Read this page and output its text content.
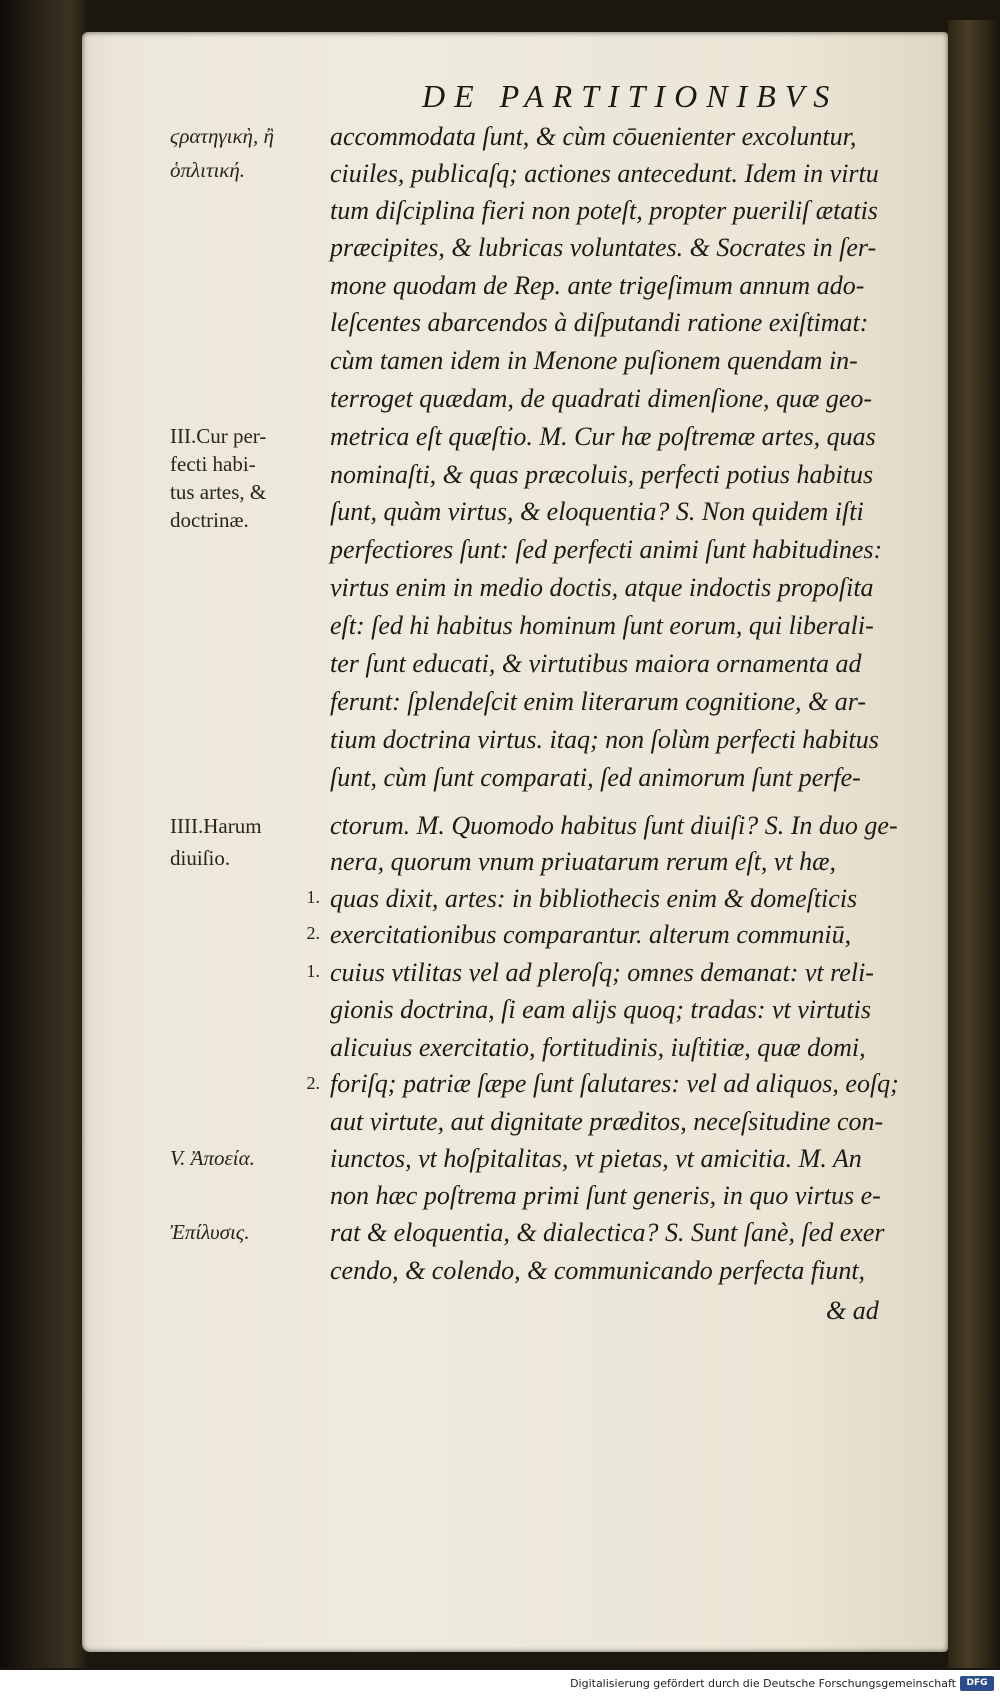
DE PARTITIONIBVS
ϛρατηγικὴ, ἢ
ὁπλιτική.
III.Cur per-
fecti habi-
tus artes, &
doctrinæ.
IIII.Harum
diuiſio.
1.
2.
1.
2.
V. Ἀποεία.
Ἐπίλυσις.
accommodata ſunt, & cùm cōuenienter excoluntur,
ciuiles, publicaſq; actiones antecedunt. Idem in virtu
tum diſciplina fieri non poteſt, propter pueriliſ ætatis
præcipites, & lubricas voluntates. & Socrates in ſer-
mone quodam de Rep. ante trigeſimum annum ado-
leſcentes abarcendos à diſputandi ratione exiſtimat:
cùm tamen idem in Menone puſionem quendam in-
terroget quædam, de quadrati dimenſione, quæ geo-
metrica eſt quæſtio. M. Cur hæ poſtremæ artes, quas
nominaſti, & quas præcoluis, perfecti potius habitus
ſunt, quàm virtus, & eloquentia? S. Non quidem iſti
perfectiores ſunt: ſed perfecti animi ſunt habitudines:
virtus enim in medio doctis, atque indoctis propoſita
eſt: ſed hi habitus hominum ſunt eorum, qui liberali-
ter ſunt educati, & virtutibus maiora ornamenta ad
ferunt: ſplendeſcit enim literarum cognitione, & ar-
tium doctrina virtus. itaq; non ſolùm perfecti habitus
ſunt, cùm ſunt comparati, ſed animorum ſunt perfe-
ctorum. M. Quomodo habitus ſunt diuiſi? S. In duo ge-
nera, quorum vnum priuatarum rerum eſt, vt hæ,
quas dixit, artes: in bibliothecis enim & domeſticis
exercitationibus comparantur. alterum communiū,
cuius vtilitas vel ad pleroſq; omnes demanat: vt reli-
gionis doctrina, ſi eam alijs quoq; tradas: vt virtutis
alicuius exercitatio, fortitudinis, iuſtitiæ, quæ domi,
foriſq; patriæ ſæpe ſunt ſalutares: vel ad aliquos, eoſq;
aut virtute, aut dignitate præditos, neceſsitudine con-
iunctos, vt hoſpitalitas, vt pietas, vt amicitia. M. An
non hæc poſtrema primi ſunt generis, in quo virtus e-
rat & eloquentia, & dialectica? S. Sunt ſanè, ſed exer
cendo, & colendo, & communicando perfecta fiunt,
& ad
Digitalisierung gefördert durch die Deutsche Forschungsgemeinschaft	DFG
